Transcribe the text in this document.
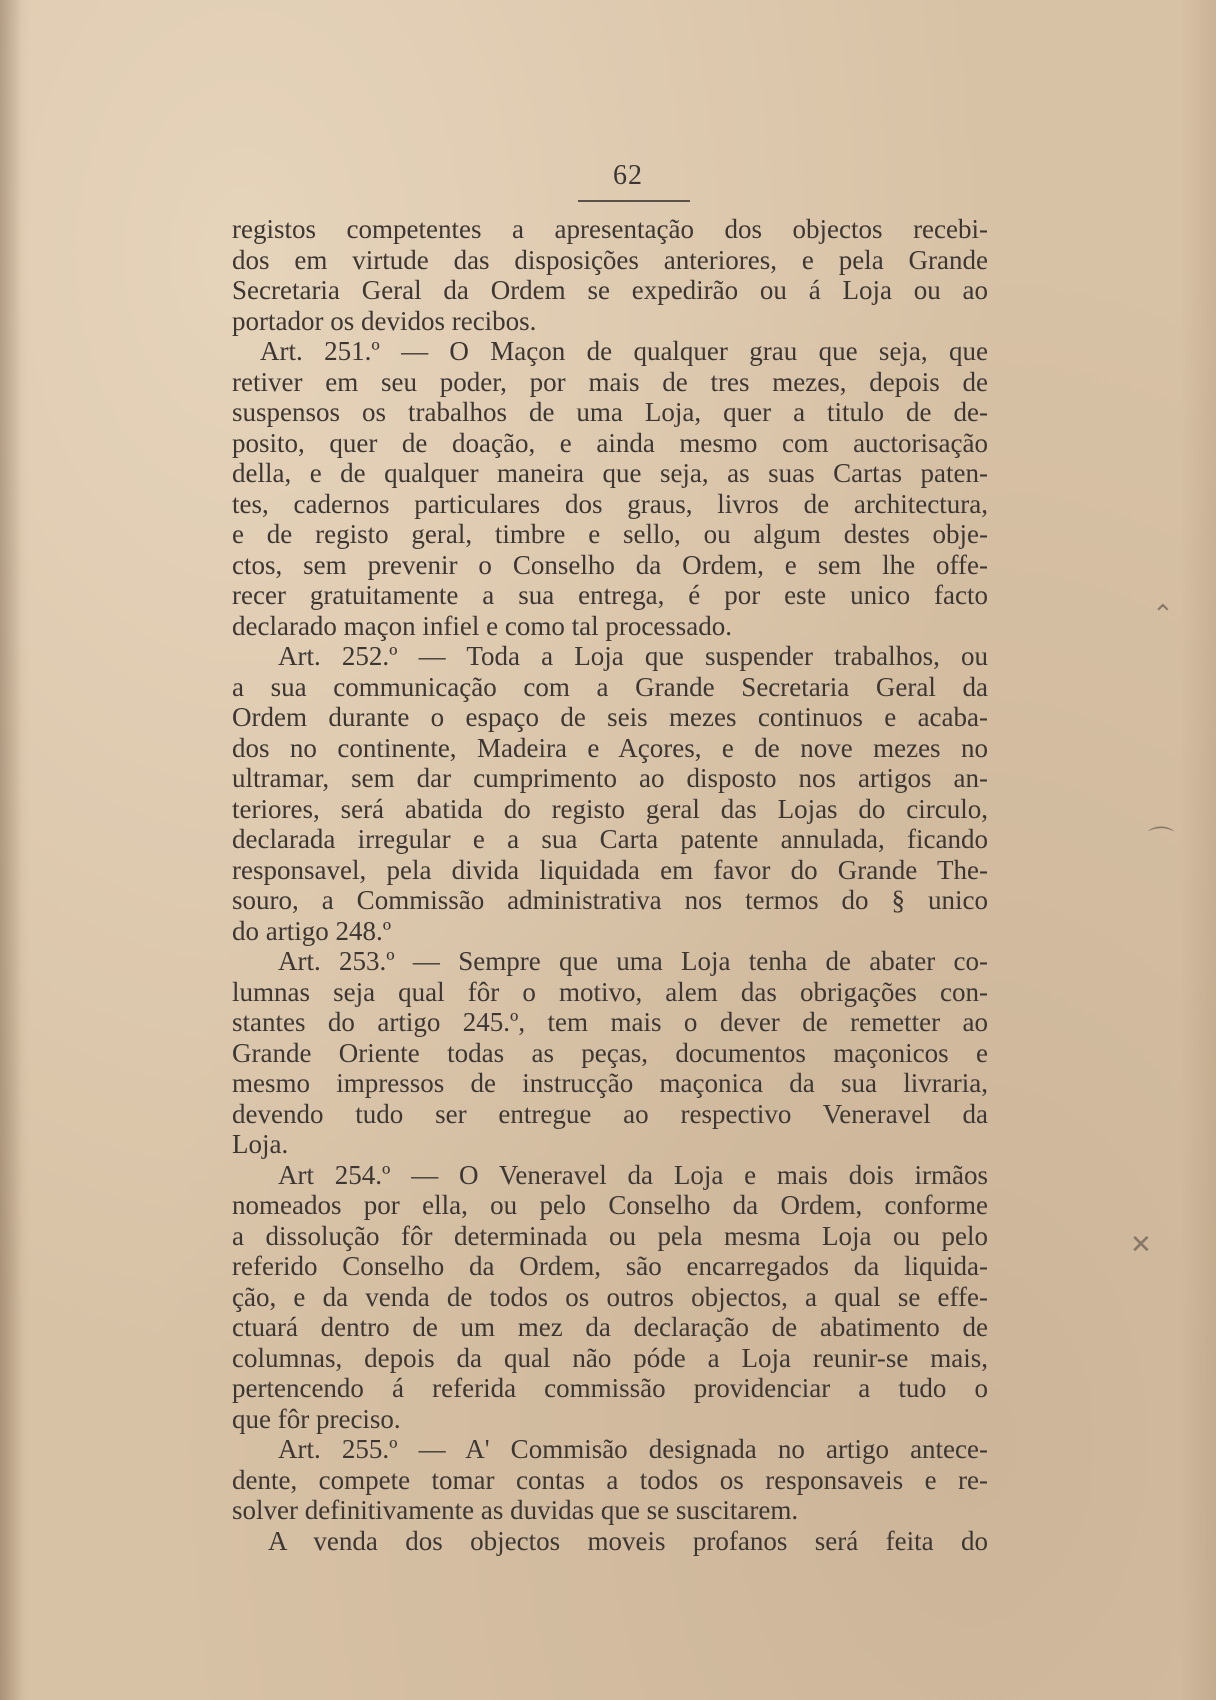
62
registos competentes a apresentação dos objectos recebi-
dos em virtude das disposições anteriores, e pela Grande
Secretaria Geral da Ordem se expedirão ou á Loja ou ao
portador os devidos recibos.
Art. 251.º — O Maçon de qualquer grau que seja, que
retiver em seu poder, por mais de tres mezes, depois de
suspensos os trabalhos de uma Loja, quer a titulo de de-
posito, quer de doação, e ainda mesmo com auctorisação
della, e de qualquer maneira que seja, as suas Cartas paten-
tes, cadernos particulares dos graus, livros de architectura,
e de registo geral, timbre e sello, ou algum destes obje-
ctos, sem prevenir o Conselho da Ordem, e sem lhe offe-
recer gratuitamente a sua entrega, é por este unico facto
declarado maçon infiel e como tal processado.
Art. 252.º — Toda a Loja que suspender trabalhos, ou
a sua communicação com a Grande Secretaria Geral da
Ordem durante o espaço de seis mezes continuos e acaba-
dos no continente, Madeira e Açores, e de nove mezes no
ultramar, sem dar cumprimento ao disposto nos artigos an-
teriores, será abatida do registo geral das Lojas do circulo,
declarada irregular e a sua Carta patente annulada, ficando
responsavel, pela divida liquidada em favor do Grande The-
souro, a Commissão administrativa nos termos do § unico
do artigo 248.º
Art. 253.º — Sempre que uma Loja tenha de abater co-
lumnas seja qual fôr o motivo, alem das obrigações con-
stantes do artigo 245.º, tem mais o dever de remetter ao
Grande Oriente todas as peças, documentos maçonicos e
mesmo impressos de instrucção maçonica da sua livraria,
devendo tudo ser entregue ao respectivo Veneravel da
Loja.
Art 254.º — O Veneravel da Loja e mais dois irmãos
nomeados por ella, ou pelo Conselho da Ordem, conforme
a dissolução fôr determinada ou pela mesma Loja ou pelo
referido Conselho da Ordem, são encarregados da liquida-
ção, e da venda de todos os outros objectos, a qual se effe-
ctuará dentro de um mez da declaração de abatimento de
columnas, depois da qual não póde a Loja reunir-se mais,
pertencendo á referida commissão providenciar a tudo o
que fôr preciso.
Art. 255.º — A' Commisão designada no artigo antece-
dente, compete tomar contas a todos os responsaveis e re-
solver definitivamente as duvidas que se suscitarem.
A venda dos objectos moveis profanos será feita do
⌃
⌒
✕
